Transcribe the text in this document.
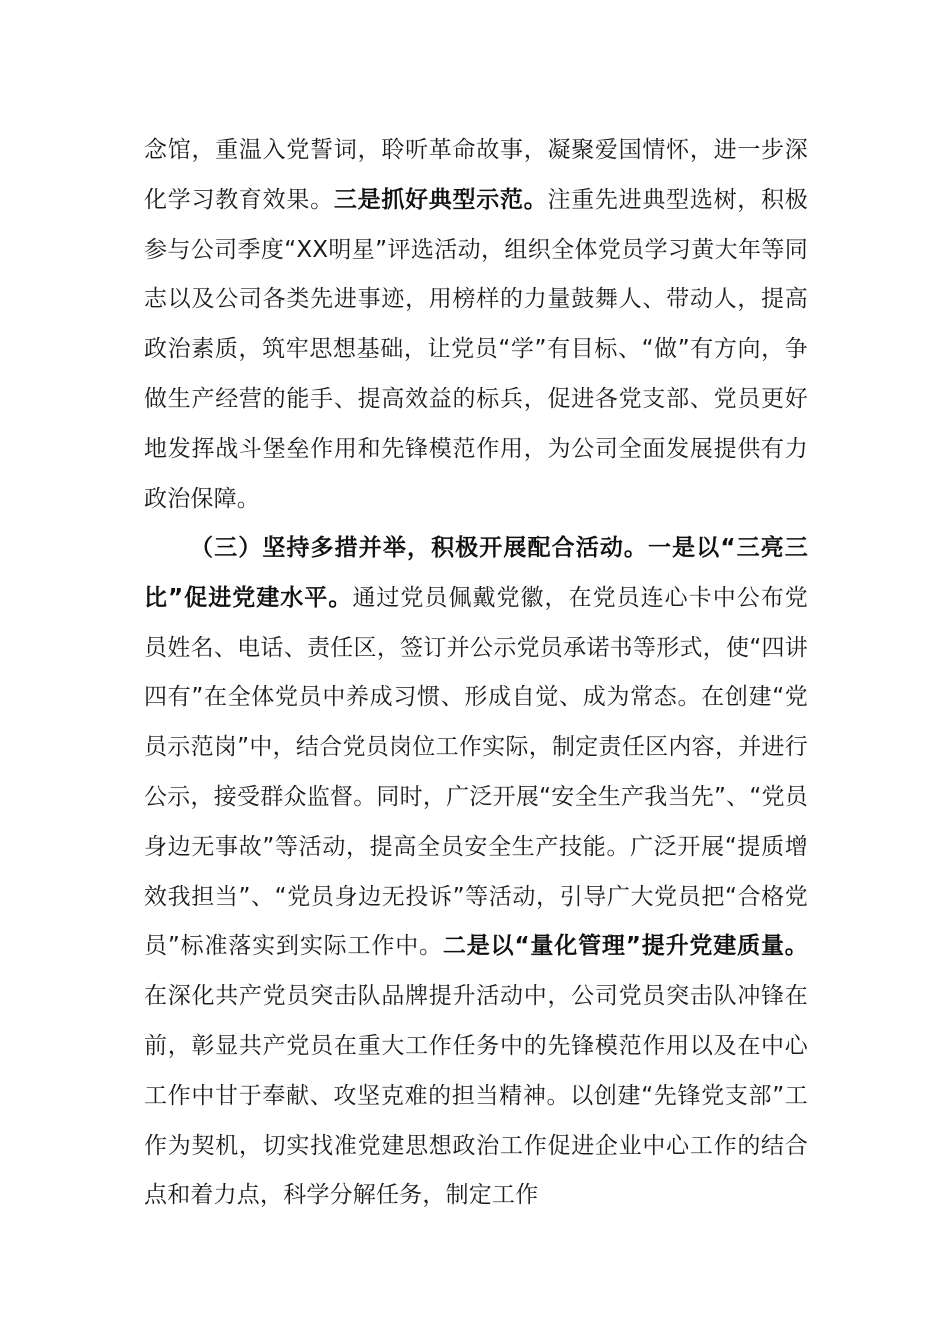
念馆，重温入党誓词，聆听革命故事，凝聚爱国情怀，进一步深化学习教育效果。三是抓好典型示范。注重先进典型选树，积极参与公司季度“XX明星”评选活动，组织全体党员学习黄大年等同志以及公司各类先进事迹，用榜样的力量鼓舞人、带动人，提高政治素质，筑牢思想基础，让党员“学”有目标、“做”有方向，争做生产经营的能手、提高效益的标兵，促进各党支部、党员更好地发挥战斗堡垒作用和先锋模范作用，为公司全面发展提供有力政治保障。

（三）坚持多措并举，积极开展配合活动。一是以“三亮三比”促进党建水平。通过党员佩戴党徽，在党员连心卡中公布党员姓名、电话、责任区，签订并公示党员承诺书等形式，使“四讲四有”在全体党员中养成习惯、形成自觉、成为常态。在创建“党员示范岗”中，结合党员岗位工作实际，制定责任区内容，并进行公示，接受群众监督。同时，广泛开展“安全生产我当先”、“党员身边无事故”等活动，提高全员安全生产技能。广泛开展“提质增效我担当”、“党员身边无投诉”等活动，引导广大党员把“合格党员”标准落实到实际工作中。二是以“量化管理”提升党建质量。在深化共产党员突击队品牌提升活动中，公司党员突击队冲锋在前，彰显共产党员在重大工作任务中的先锋模范作用以及在中心工作中甘于奉献、攻坚克难的担当精神。以创建“先锋党支部”工作为契机，切实找准党建思想政治工作促进企业中心工作的结合点和着力点，科学分解任务，制定工作
